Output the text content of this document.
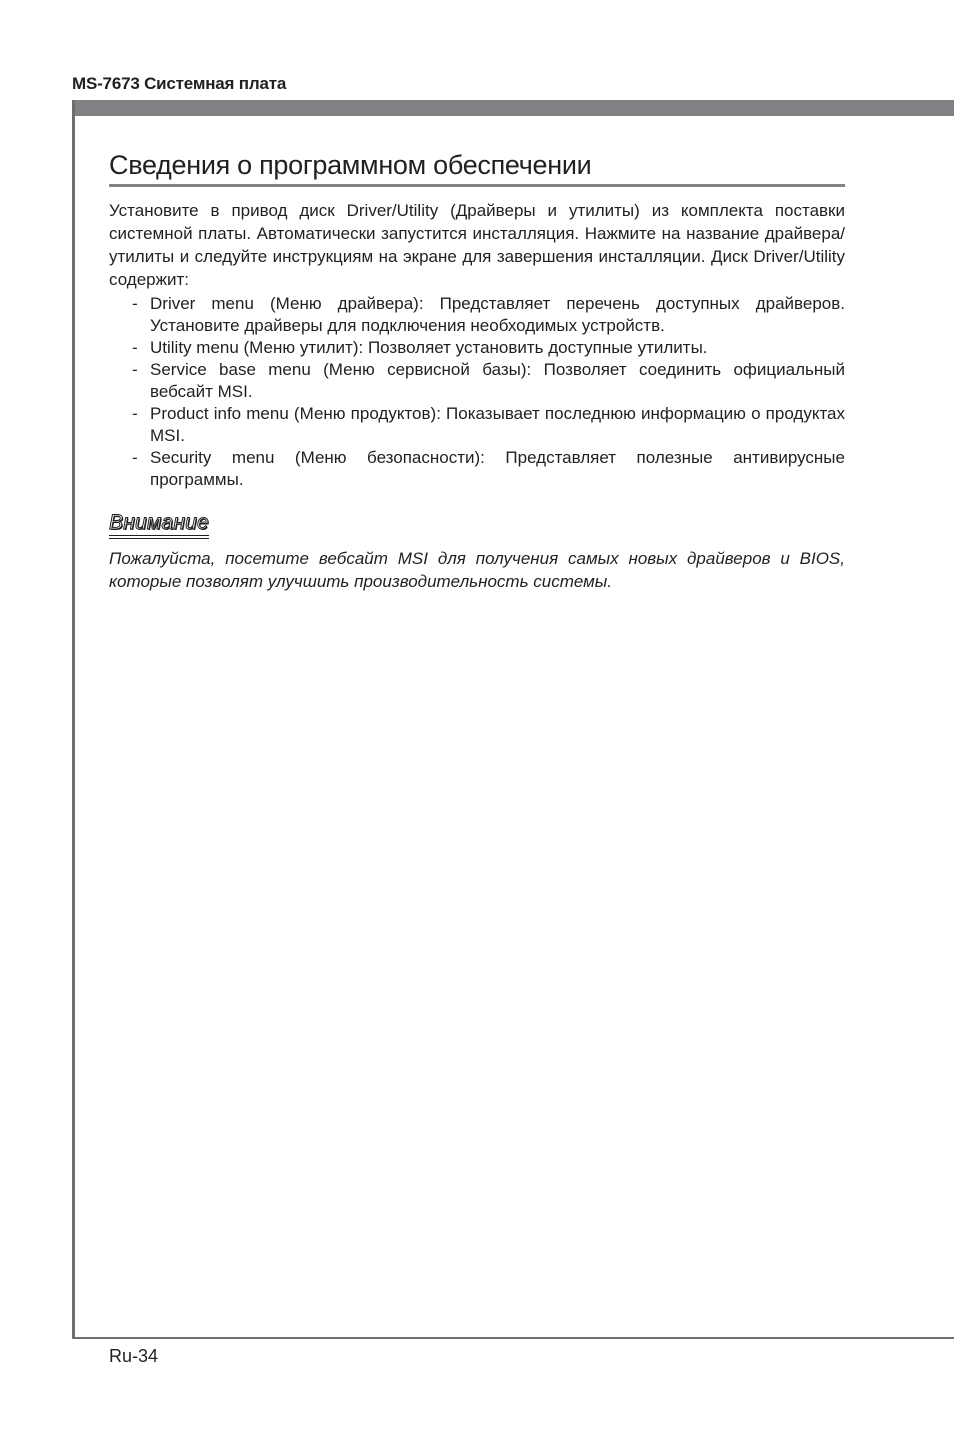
MS-7673 Системная плата
Сведения о программном обеспечении

Установите в привод диск Driver/Utility (Драйверы и утилиты) из комплекта поставки системной платы. Автоматически запустится инсталляция. Нажмите на название драйвера/ утилиты и следуйте инструкциям на экране для завершения инсталляции. Диск Driver/Utility содержит:

- Driver menu (Меню драйвера): Представляет перечень доступных драйверов. Установите драйверы для подключения необходимых устройств.
- Utility menu (Меню утилит): Позволяет установить доступные утилиты.
- Service base menu (Меню сервисной базы): Позволяет соединить официальный вебсайт MSI.
- Product info menu (Меню продуктов): Показывает последнюю информацию о продуктах MSI.
- Security menu (Меню безопасности): Представляет полезные антивирусные программы.
Внимание

Пожалуйста, посетите вебсайт MSI для получения самых новых драйверов и BIOS, которые позволят улучшить производительность системы.

Ru-34
